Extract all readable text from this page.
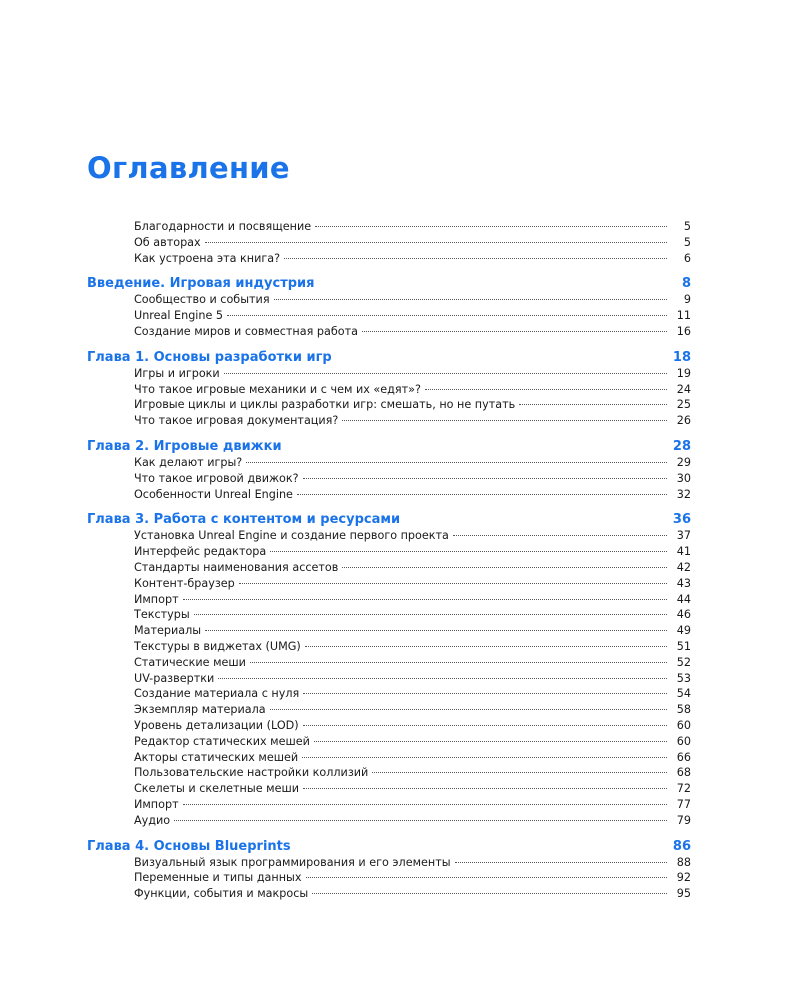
Оглавление
Благодарности и посвящение	5
Об авторах	5
Как устроена эта книга?	6
Введение. Игровая индустрия	8
Сообщество и события	9
Unreal Engine 5	11
Создание миров и совместная работа	16
Глава 1. Основы разработки игр	18
Игры и игроки	19
Что такое игровые механики и с чем их «едят»?	24
Игровые циклы и циклы разработки игр: смешать, но не путать	25
Что такое игровая документация?	26
Глава 2. Игровые движки	28
Как делают игры?	29
Что такое игровой движок?	30
Особенности Unreal Engine	32
Глава 3. Работа с контентом и ресурсами	36
Установка Unreal Engine и создание первого проекта	37
Интерфейс редактора	41
Стандарты наименования ассетов	42
Контент-браузер	43
Импорт	44
Текстуры	46
Материалы	49
Текстуры в виджетах (UMG)	51
Статические меши	52
UV-развертки	53
Создание материала с нуля	54
Экземпляр материала	58
Уровень детализации (LOD)	60
Редактор статических мешей	60
Акторы статических мешей	66
Пользовательские настройки коллизий	68
Скелеты и скелетные меши	72
Импорт	77
Аудио	79
Глава 4. Основы Blueprints	86
Визуальный язык программирования и его элементы	88
Переменные и типы данных	92
Функции, события и макросы	95
